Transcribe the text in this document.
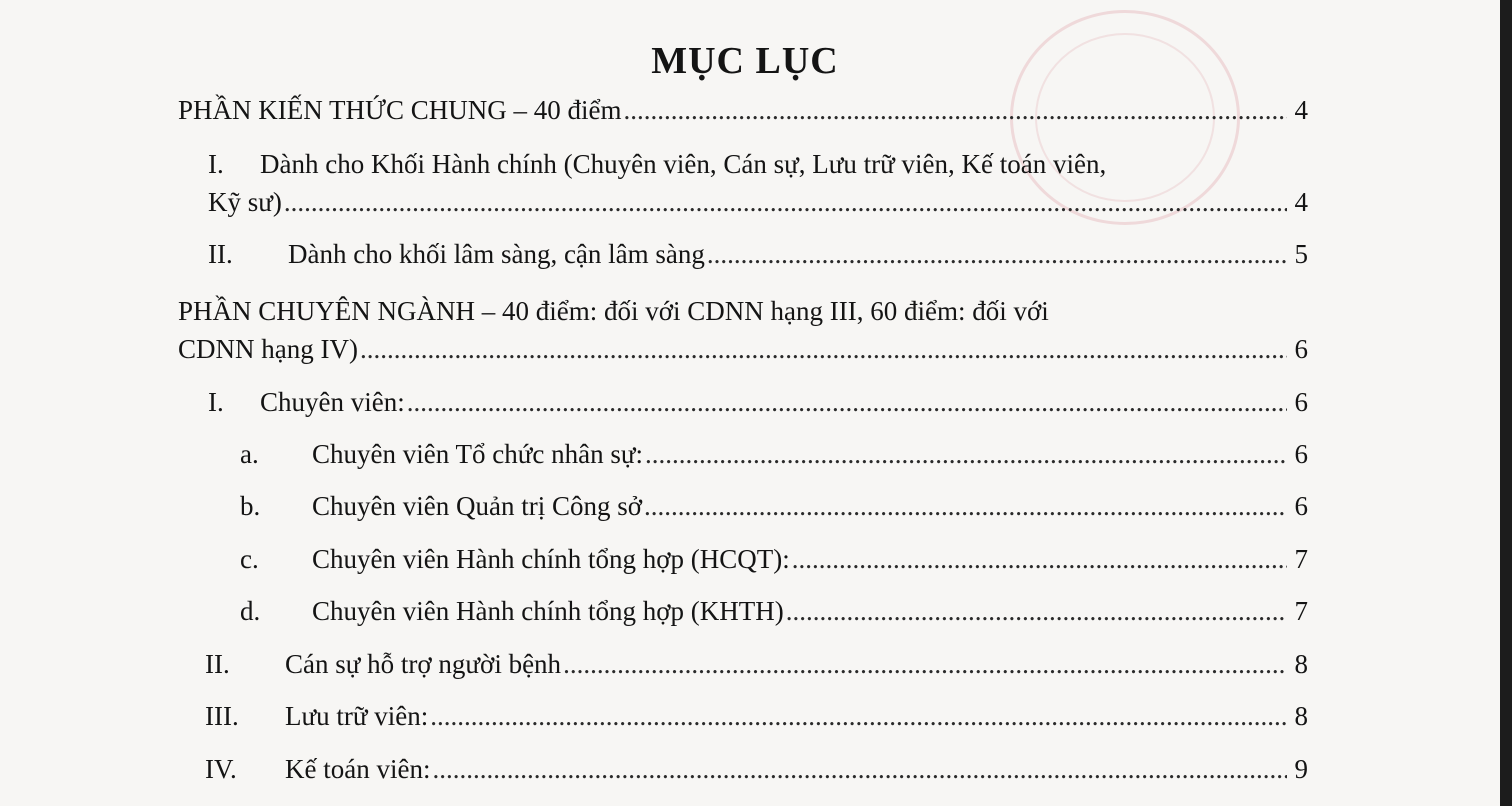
MỤC LỤC
PHẦN KIẾN THỨC CHUNG – 40 điểm .....	4
I. Dành cho Khối Hành chính (Chuyên viên, Cán sự, Lưu trữ viên, Kế toán viên,
Kỹ sư) .....	4
II.	Dành cho khối lâm sàng, cận lâm sàng .....	5
PHẦN CHUYÊN NGÀNH – 40 điểm: đối với CDNN hạng III, 60 điểm: đối với
CDNN hạng IV) .....	6
I.	Chuyên viên: .....	6
a.	Chuyên viên Tổ chức nhân sự: .....	6
b.	Chuyên viên Quản trị Công sở .....	6
c.	Chuyên viên Hành chính tổng hợp (HCQT): .....	7
d.	Chuyên viên Hành chính tổng hợp (KHTH) .....	7
II.	Cán sự hỗ trợ người bệnh .....	8
III.	Lưu trữ viên: .....	8
IV.	Kế toán viên: .....	9
